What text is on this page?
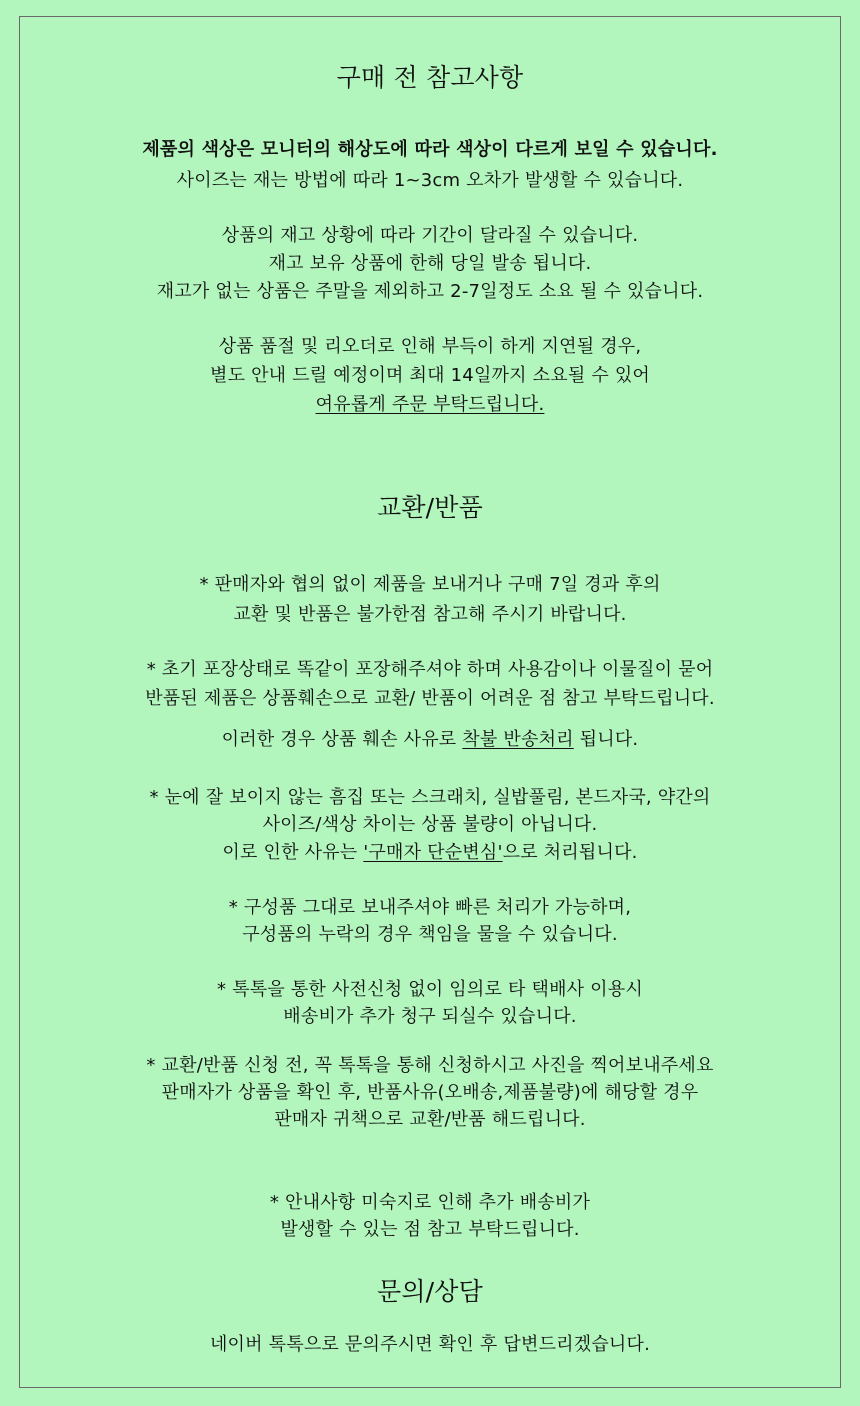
구매 전 참고사항
제품의 색상은 모니터의 해상도에 따라 색상이 다르게 보일 수 있습니다.
사이즈는 재는 방법에 따라 1~3cm 오차가 발생할 수 있습니다.
상품의 재고 상황에 따라 기간이 달라질 수 있습니다.
재고 보유 상품에 한해 당일 발송 됩니다.
재고가 없는 상품은 주말을 제외하고 2-7일정도 소요 될 수 있습니다.
상품 품절 및 리오더로 인해 부득이 하게 지연될 경우,
별도 안내 드릴 예정이며 최대 14일까지 소요될 수 있어
여유롭게 주문 부탁드립니다.
교환/반품
* 판매자와 협의 없이 제품을 보내거나 구매 7일 경과 후의
교환 및 반품은 불가한점 참고해 주시기 바랍니다.
* 초기 포장상태로 똑같이 포장해주셔야 하며 사용감이나 이물질이 묻어
반품된 제품은 상품훼손으로 교환/ 반품이 어려운 점 참고 부탁드립니다.
이러한 경우 상품 훼손 사유로 착불 반송처리 됩니다.
* 눈에 잘 보이지 않는 흠집 또는 스크래치, 실밥풀림, 본드자국, 약간의
사이즈/색상 차이는 상품 불량이 아닙니다.
이로 인한 사유는 '구매자 단순변심'으로 처리됩니다.
* 구성품 그대로 보내주셔야 빠른 처리가 가능하며,
구성품의 누락의 경우 책임을 물을 수 있습니다.
* 톡톡을 통한 사전신청 없이 임의로 타 택배사 이용시
배송비가 추가 청구 되실수 있습니다.
* 교환/반품 신청 전, 꼭 톡톡을 통해 신청하시고 사진을 찍어보내주세요
판매자가 상품을 확인 후, 반품사유(오배송,제품불량)에 해당할 경우
판매자 귀책으로 교환/반품 해드립니다.
* 안내사항 미숙지로 인해 추가 배송비가
발생할 수 있는 점 참고 부탁드립니다.
문의/상담
네이버 톡톡으로 문의주시면 확인 후 답변드리겠습니다.
